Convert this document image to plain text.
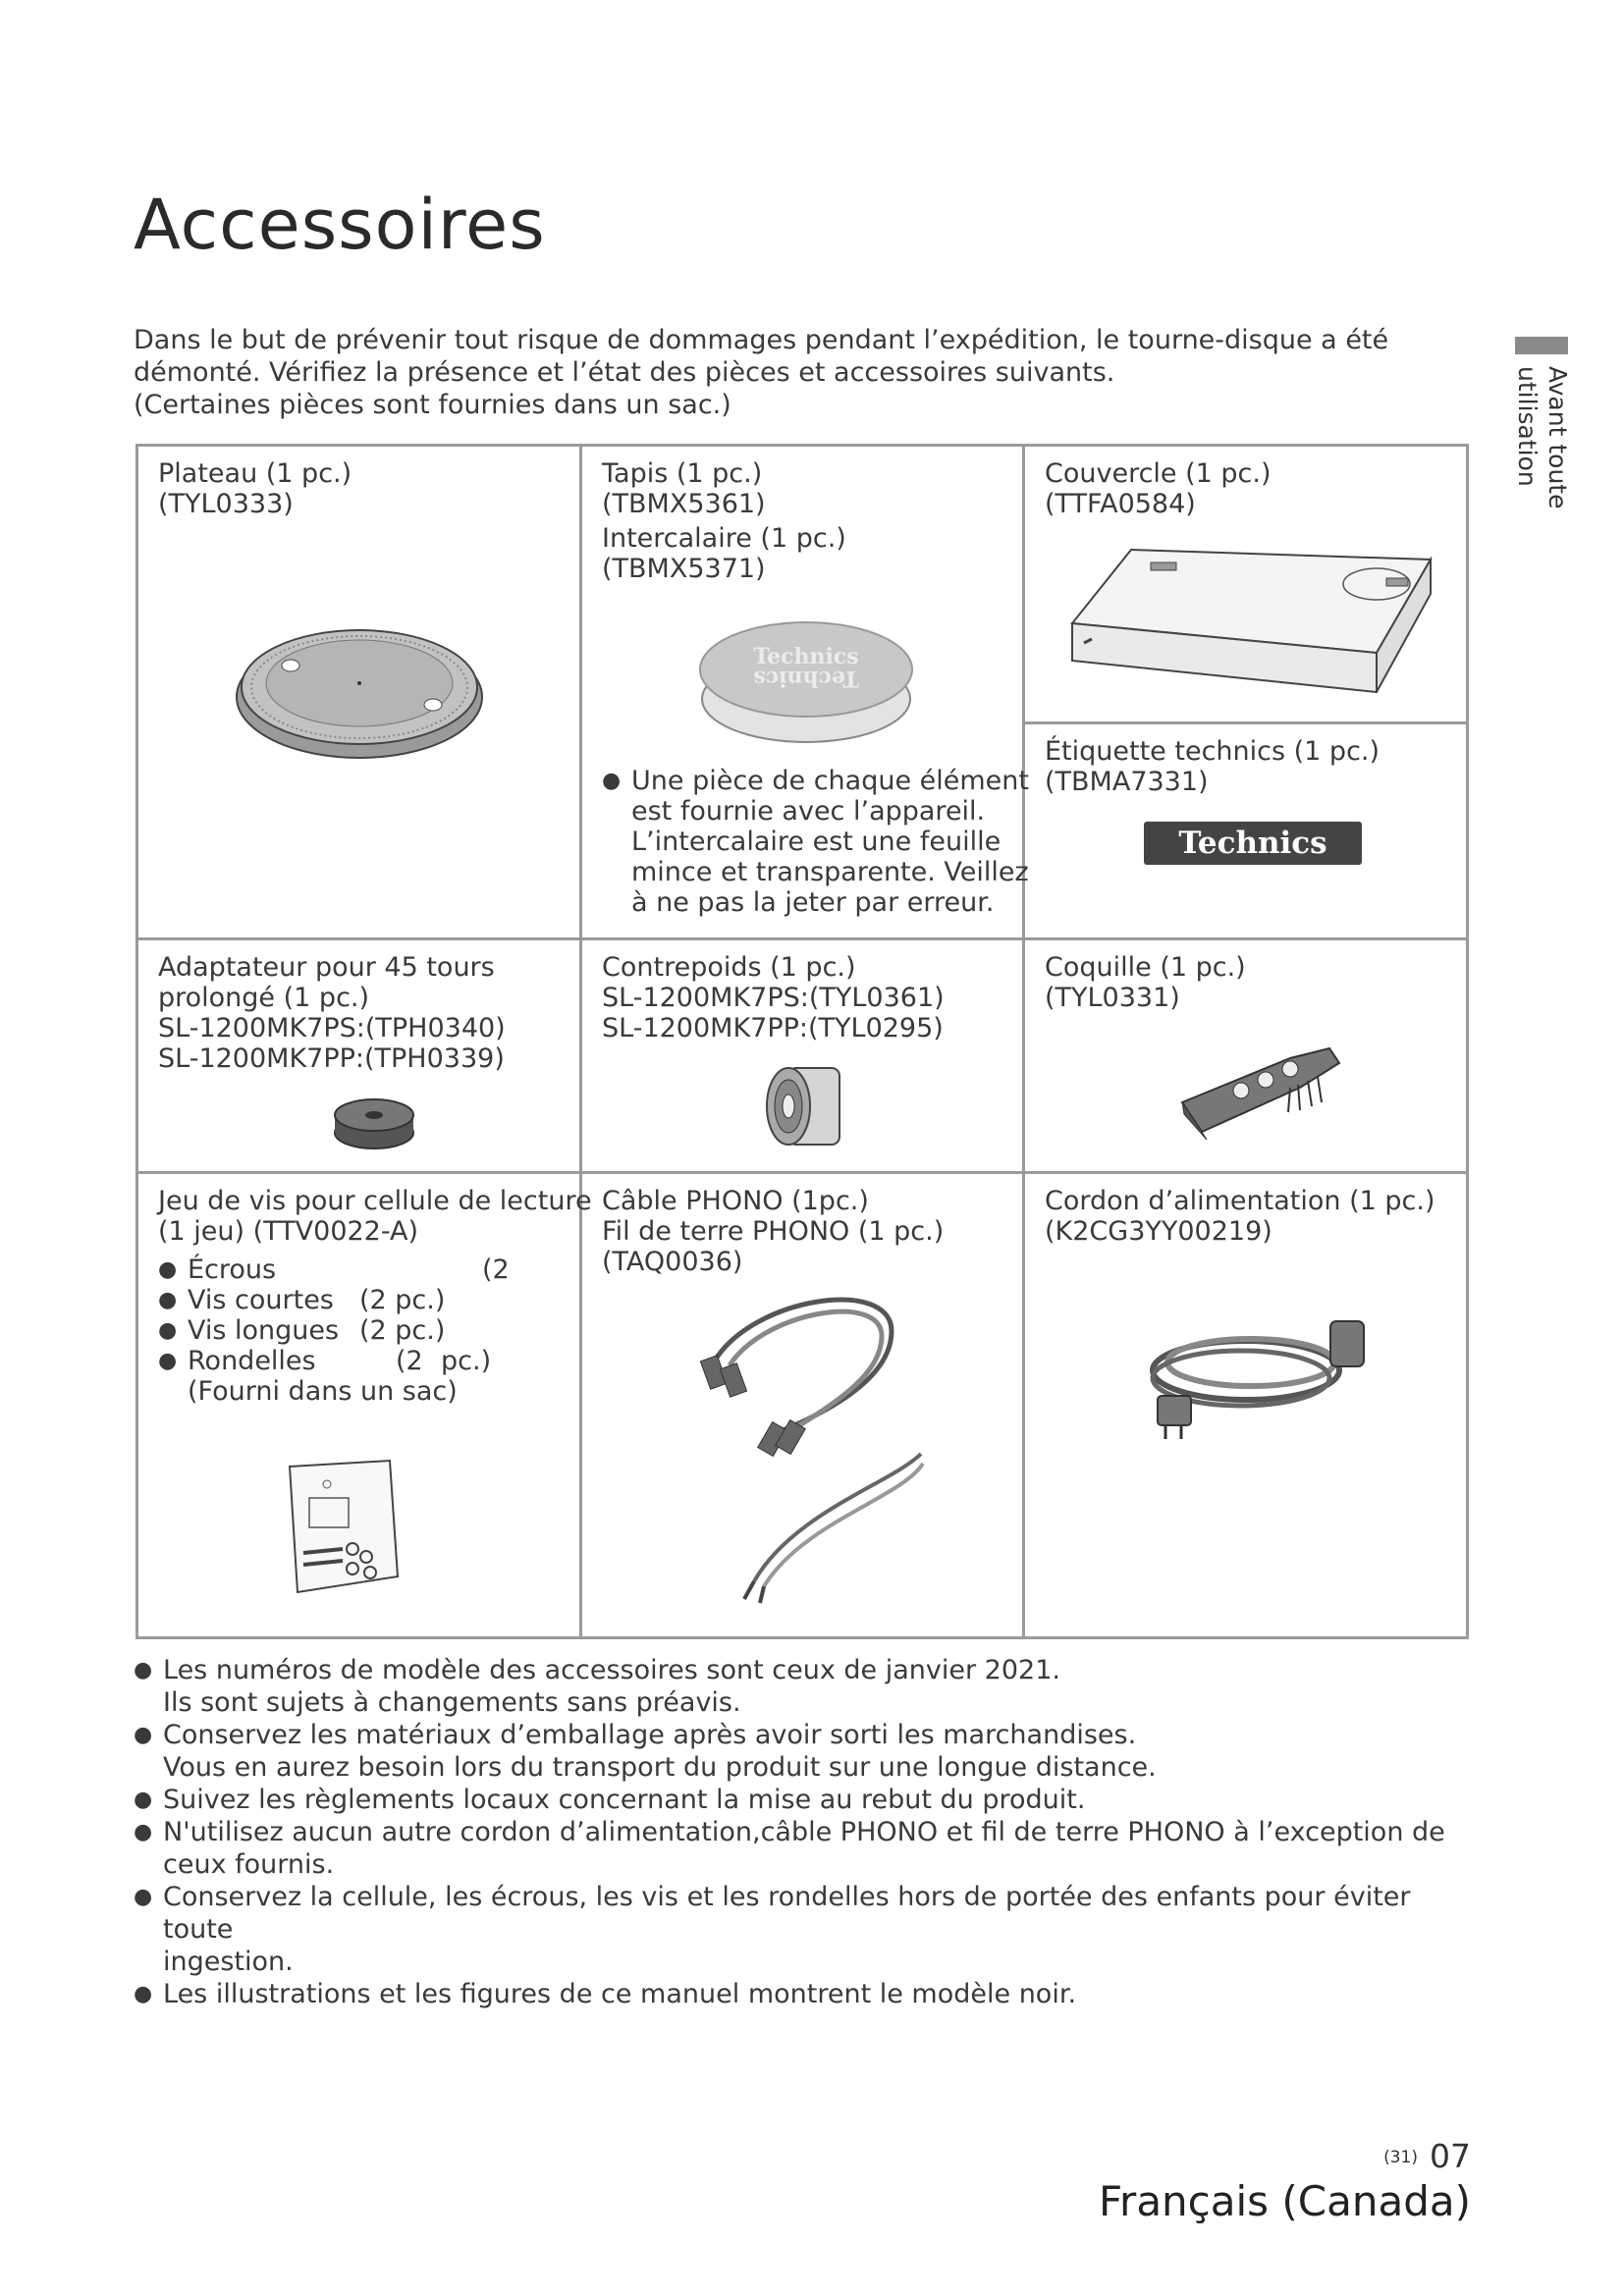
Accessoires
Dans le but de prévenir tout risque de dommages pendant l’expédition, le tourne-disque a été
démonté. Vérifiez la présence et l’état des pièces et accessoires suivants.
(Certaines pièces sont fournies dans un sac.)	Avant toute
utilisation
Plateau (1 pc.)
(TYL0333)
Tapis (1 pc.)
(TBMX5361)
Intercalaire (1 pc.)
(TBMX5371)
Technics
Technics
● Une pièce de chaque élément
est fournie avec l’appareil.
L’intercalaire est une feuille
mince et transparente. Veillez
à ne pas la jeter par erreur.
Couvercle (1 pc.)
(TTFA0584)
Étiquette technics (1 pc.)
(TBMA7331)
Technics
Adaptateur pour 45 tours
prolongé (1 pc.)
SL-1200MK7PS:(TPH0340)
SL-1200MK7PP:(TPH0339)
Contrepoids (1 pc.)
SL-1200MK7PS:(TYL0361)
SL-1200MK7PP:(TYL0295)
Coquille (1 pc.)
(TYL0331)
Jeu de vis pour cellule de lecture
(1 jeu) (TTV0022-A)
● Écrous	(2
● Vis courtes (2 pc.)
● Vis longues (2 pc.)
● Rondelles	(2 pc.)
(Fourni dans un sac)
Câble PHONO (1pc.)
Fil de terre PHONO (1 pc.)
(TAQ0036)
Cordon d’alimentation (1 pc.)
(K2CG3YY00219)
● Les numéros de modèle des accessoires sont ceux de janvier 2021.
Ils sont sujets à changements sans préavis.
● Conservez les matériaux d’emballage après avoir sorti les marchandises.
Vous en aurez besoin lors du transport du produit sur une longue distance.
● Suivez les règlements locaux concernant la mise au rebut du produit.
● N'utilisez aucun autre cordon d’alimentation,câble PHONO et fil de terre PHONO à l’exception de
ceux fournis.
● Conservez la cellule, les écrous, les vis et les rondelles hors de portée des enfants pour éviter toute
ingestion.
● Les illustrations et les figures de ce manuel montrent le modèle noir.
(31) 07
Français (Canada)
